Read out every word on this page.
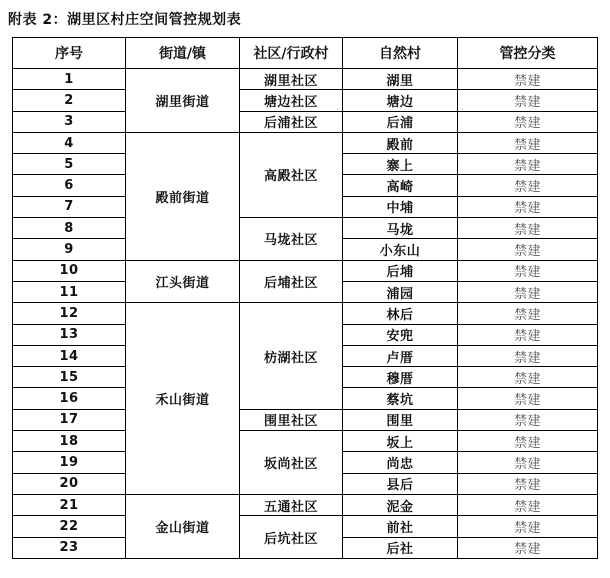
附表 2：湖里区村庄空间管控规划表
序号	街道/镇	社区/行政村	自然村	管控分类
1	湖里街道	湖里社区	湖里	禁建
2		塘边社区	塘边	禁建
3		后浦社区	后浦	禁建
4	殿前街道	高殿社区	殿前	禁建
5			寨上	禁建
6			高崎	禁建
7			中埔	禁建
8		马垅社区	马垅	禁建
9			小东山	禁建
10	江头街道	后埔社区	后埔	禁建
11			浦园	禁建
12	禾山街道	枋湖社区	林后	禁建
13			安兜	禁建
14			卢厝	禁建
15			穆厝	禁建
16			蔡坑	禁建
17		围里社区	围里	禁建
18		坂尚社区	坂上	禁建
19			尚忠	禁建
20			县后	禁建
21	金山街道	五通社区	泥金	禁建
22		后坑社区	前社	禁建
23			后社	禁建
